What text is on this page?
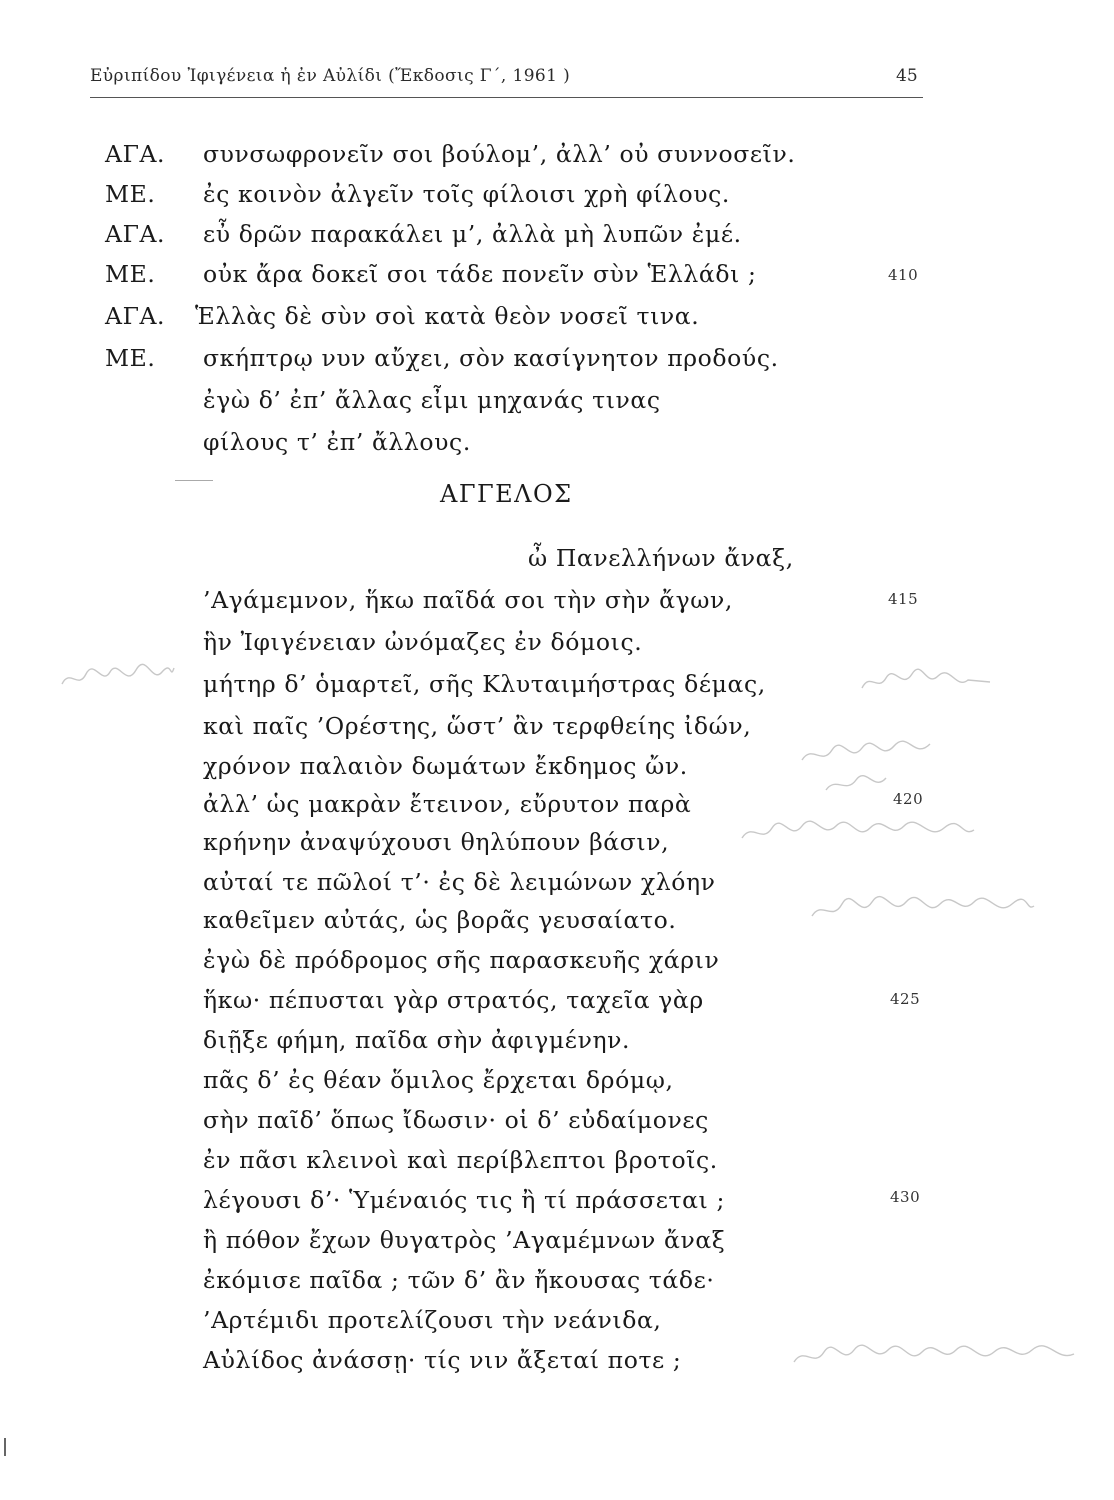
Εὐριπίδου Ἰφιγένεια ἡ ἐν Αὐλίδι (Ἔκδοσις Γ΄, 1961 )	45
ΑΓΑ.	συνσωφρονεῖν σοι βούλομ’, ἀλλ’ οὐ συννοσεῖν.
ΜΕ.	ἐς κοινὸν ἀλγεῖν τοῖς φίλοισι χρὴ φίλους.
ΑΓΑ.	εὖ δρῶν παρακάλει μ’, ἀλλὰ μὴ λυπῶν ἐμέ.
ΜΕ.	οὐκ ἄρα δοκεῖ σοι τάδε πονεῖν σὺν Ἑλλάδι ;	410
ΑΓΑ.	Ἑλλὰς δὲ σὺν σοὶ κατὰ θεὸν νοσεῖ τινα.
ΜΕ.	σκήπτρῳ νυν αὔχει, σὸν κασίγνητον προδούς.
ἐγὼ δ’ ἐπ’ ἄλλας εἶμι μηχανάς τινας
φίλους τ’ ἐπ’ ἄλλους.
ΑΓΓΕΛΟΣ
ὦ Πανελλήνων ἄναξ,
’Αγάμεμνον, ἥκω παῖδά σοι τὴν σὴν ἄγων,	415
ἣν Ἰφιγένειαν ὠνόμαζες ἐν δόμοις.
μήτηρ δ’ ὁμαρτεῖ, σῆς Κλυταιμήστρας δέμας,
καὶ παῖς ’Ορέστης, ὥστ’ ἂν τερφθείης ἰδών,
χρόνον παλαιὸν δωμάτων ἔκδημος ὤν.
ἀλλ’ ὡς μακρὰν ἔτεινον, εὔρυτον παρὰ	420
κρήνην ἀναψύχουσι θηλύπουν βάσιν,
αὐταί τε πῶλοί τ’· ἐς δὲ λειμώνων χλόην
καθεῖμεν αὐτάς, ὡς βορᾶς γευσαίατο.
ἐγὼ δὲ πρόδρομος σῆς παρασκευῆς χάριν
ἥκω· πέπυσται γὰρ στρατός, ταχεῖα γὰρ	425
διῇξε φήμη, παῖδα σὴν ἀφιγμένην.
πᾶς δ’ ἐς θέαν ὅμιλος ἔρχεται δρόμῳ,
σὴν παῖδ’ ὅπως ἴδωσιν· οἱ δ’ εὐδαίμονες
ἐν πᾶσι κλεινοὶ καὶ περίβλεπτοι βροτοῖς.
λέγουσι δ’· Ὑμέναιός τις ἢ τί πράσσεται ;	430
ἢ πόθον ἔχων θυγατρὸς ’Αγαμέμνων ἄναξ
ἐκόμισε παῖδα ; τῶν δ’ ἂν ἤκουσας τάδε·
’Αρτέμιδι προτελίζουσι τὴν νεάνιδα,
Αὐλίδος ἀνάσσῃ· τίς νιν ἄξεταί ποτε ;
